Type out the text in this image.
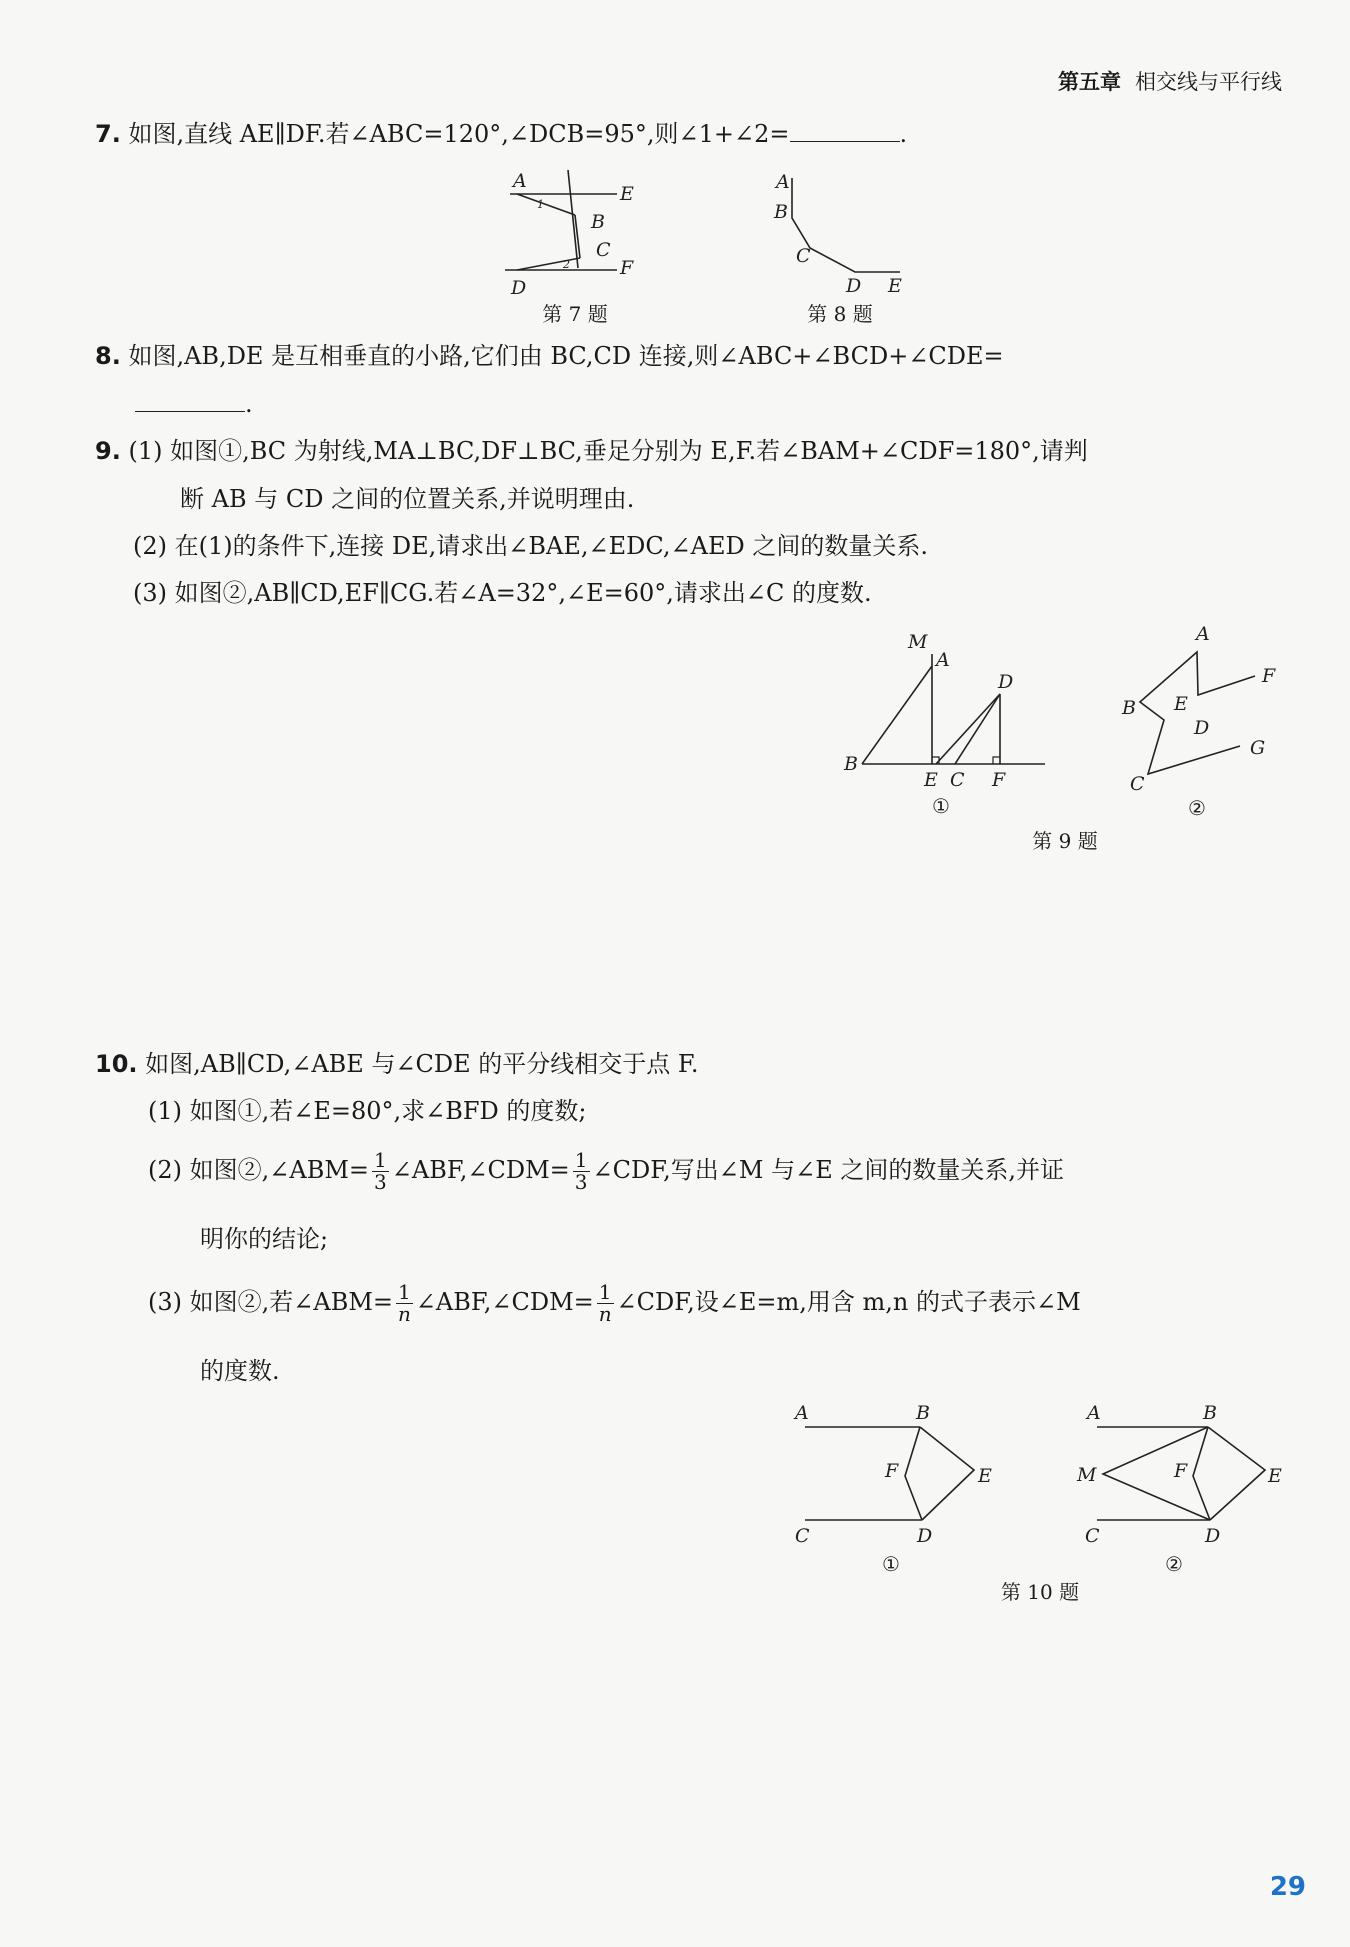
第五章 相交线与平行线
7. 如图,直线 AE∥DF.若∠ABC=120°,∠DCB=95°,则∠1+∠2=	.
A
E
1
B
C
2
D
F
第 7 题
A
B
C
D E
第 8 题
8. 如图,AB,DE 是互相垂直的小路,它们由 BC,CD 连接,则∠ABC+∠BCD+∠CDE=
.
9. (1) 如图①,BC 为射线,MA⊥BC,DF⊥BC,垂足分别为 E,F.若∠BAM+∠CDF=180°,请判
断 AB 与 CD 之间的位置关系,并说明理由.
(2) 在(1)的条件下,连接 DE,请求出∠BAE,∠EDC,∠AED 之间的数量关系.
(3) 如图②,AB∥CD,EF∥CG.若∠A=32°,∠E=60°,请求出∠C 的度数.
M
A
D
B
E C F
①
A
F
B E
D
G
C
②
第 9 题
10. 如图,AB∥CD,∠ABE 与∠CDE 的平分线相交于点 F.
(1) 如图①,若∠E=80°,求∠BFD 的度数;
(2) 如图②,∠ABM= $\frac{1}{3}$ ∠ABF,∠CDM= $\frac{1}{3}$ ∠CDF,写出∠M 与∠E 之间的数量关系,并证
明你的结论;
(3) 如图②,若∠ABM= $\frac{1}{n}$ ∠ABF,∠CDM= $\frac{1}{n}$ ∠CDF,设∠E=m,用含 m,n 的式子表示∠M
的度数.
A	B
F	E
C	D
①
A	B
M	F	E
C	D
②
第 10 题
29
